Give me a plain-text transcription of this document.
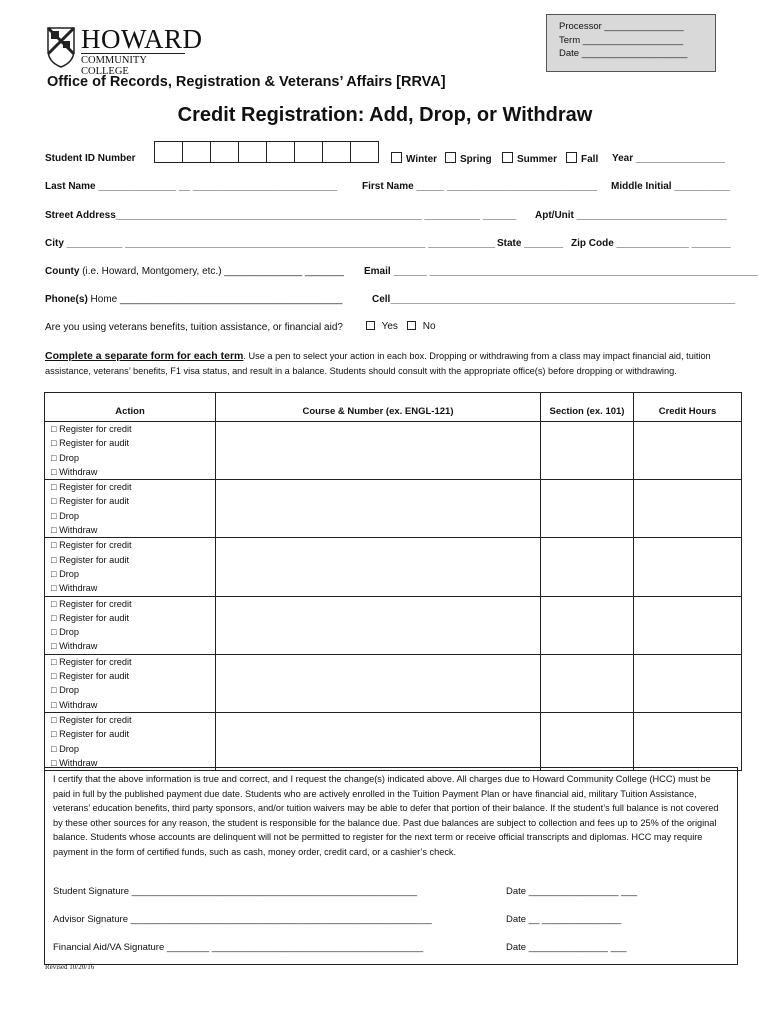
Processor _______________
Term ___________________
Date ____________________
HOWARD
COMMUNITY COLLEGE
Office of Records, Registration & Veterans’ Affairs [RRVA]
Credit Registration: Add, Drop, or Withdraw
Student ID Number	Winter	Spring	Summer	Fall Year ________________
Last Name ______________ __ __________________________ First Name _____ ___________________________ Middle Initial __________
Street Address_______________________________________________________ __________ ______ Apt/Unit ___________________________
City __________ ______________________________________________________ ____________ State _______ Zip Code _____________ _______
County (i.e. Howard, Montgomery, etc.) ______________ _______ Email ______ ___________________________________________________________
Phone(s) Home ________________________________________	Cell______________________________________________________________
Are you using veterans benefits, tuition assistance, or financial aid?	Yes	No
Complete a separate form for each term. Use a pen to select your action in each box. Dropping or withdrawing from a class may impact financial aid, tuition assistance, veterans’ benefits, F1 visa status, and result in a balance. Students should consult with the appropriate office(s) before dropping or withdrawing.
Action	Course & Number (ex. ENGL-121)	Section (ex. 101)	Credit Hours

□ Register for credit
□ Register for audit
□ Drop
□ Withdraw			

□ Register for credit
□ Register for audit
□ Drop
□ Withdraw			

□ Register for credit
□ Register for audit
□ Drop
□ Withdraw			

□ Register for credit
□ Register for audit
□ Drop
□ Withdraw			

□ Register for credit
□ Register for audit
□ Drop
□ Withdraw			

□ Register for credit
□ Register for audit
□ Drop
□ Withdraw			

I certify that the above information is true and correct, and I request the change(s) indicated above. All charges due to Howard Community College (HCC) must be paid in full by the published payment due date. Students who are actively enrolled in the Tuition Payment Plan or have financial aid, military Tuition Assistance, veterans’ education benefits, third party sponsors, and/or tuition waivers may be able to defer that portion of their balance. If the student’s full balance is not covered by these other sources for any reason, the student is responsible for the balance due. Past due balances are subject to collection and fees up to 25% of the original balance. Students whose accounts are delinquent will not be permitted to register for the next term or receive official transcripts and diplomas. HCC may require payment in the form of certified funds, such as cash, money order, credit card, or a cashier’s check.
Student Signature ______________________________________________________	Date _________________ ___
Advisor Signature _________________________________________________________	Date __ _______________
Financial Aid/VA Signature ________ ________________________________________	Date _______________ ___
Revised 10/20/16
